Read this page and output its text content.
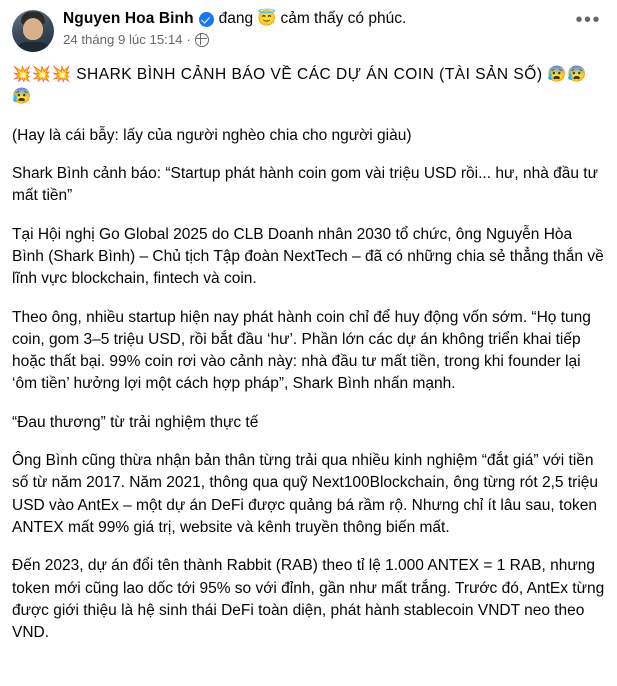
Nguyen Hoa Binh đang 😇 cảm thấy có phúc.
24 tháng 9 lúc 15:14 ·
•••

💥💥💥 SHARK BÌNH CẢNH BÁO VỀ CÁC DỰ ÁN COIN (TÀI SẢN SỐ) 😰😰😰

(Hay là cái bẫy: lấy của người nghèo chia cho người giàu)

Shark Bình cảnh báo: “Startup phát hành coin gom vài triệu USD rồi... hư, nhà đầu tư mất tiền”

Tại Hội nghị Go Global 2025 do CLB Doanh nhân 2030 tổ chức, ông Nguyễn Hòa Bình (Shark Bình) – Chủ tịch Tập đoàn NextTech – đã có những chia sẻ thẳng thắn về lĩnh vực blockchain, fintech và coin.

Theo ông, nhiều startup hiện nay phát hành coin chỉ để huy động vốn sớm. “Họ tung coin, gom 3–5 triệu USD, rồi bắt đầu ‘hư’. Phần lớn các dự án không triển khai tiếp hoặc thất bại. 99% coin rơi vào cảnh này: nhà đầu tư mất tiền, trong khi founder lại ‘ôm tiền’ hưởng lợi một cách hợp pháp”, Shark Bình nhấn mạnh.

“Đau thương” từ trải nghiệm thực tế

Ông Bình cũng thừa nhận bản thân từng trải qua nhiều kinh nghiệm “đắt giá” với tiền số từ năm 2017. Năm 2021, thông qua quỹ Next100Blockchain, ông từng rót 2,5 triệu USD vào AntEx – một dự án DeFi được quảng bá rầm rộ. Nhưng chỉ ít lâu sau, token ANTEX mất 99% giá trị, website và kênh truyền thông biến mất.

Đến 2023, dự án đổi tên thành Rabbit (RAB) theo tỉ lệ 1.000 ANTEX = 1 RAB, nhưng token mới cũng lao dốc tới 95% so với đỉnh, gần như mất trắng. Trước đó, AntEx từng được giới thiệu là hệ sinh thái DeFi toàn diện, phát hành stablecoin VNDT neo theo VND.
